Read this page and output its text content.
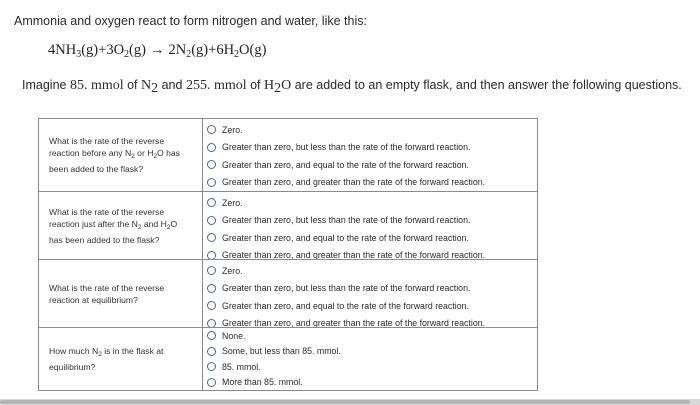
Ammonia and oxygen react to form nitrogen and water, like this:
$4NH_3(g)+3O_2(g) \to 2N_2(g)+6H_2O(g)$
Imagine 85. mmol of $N_2$ and 255. mmol of $H_2O$ are added to an empty flask, and then answer the following questions.
What is the rate of the reverse reaction before any $N_2$ or $H_2O$ has been added to the flask?
Zero.
Greater than zero, but less than the rate of the forward reaction.
Greater than zero, and equal to the rate of the forward reaction.
Greater than zero, and greater than the rate of the forward reaction.
What is the rate of the reverse reaction just after the $N_2$ and $H_2O$ has been added to the flask?
Zero.
Greater than zero, but less than the rate of the forward reaction.
Greater than zero, and equal to the rate of the forward reaction.
Greater than zero, and greater than the rate of the forward reaction.
What is the rate of the reverse reaction at equilibrium?
Zero.
Greater than zero, but less than the rate of the forward reaction.
Greater than zero, and equal to the rate of the forward reaction.
Greater than zero, and greater than the rate of the forward reaction.
How much $N_2$ is in the flask at equilibrium?
None.
Some, but less than 85. mmol.
85. mmol.
More than 85. mmol.
